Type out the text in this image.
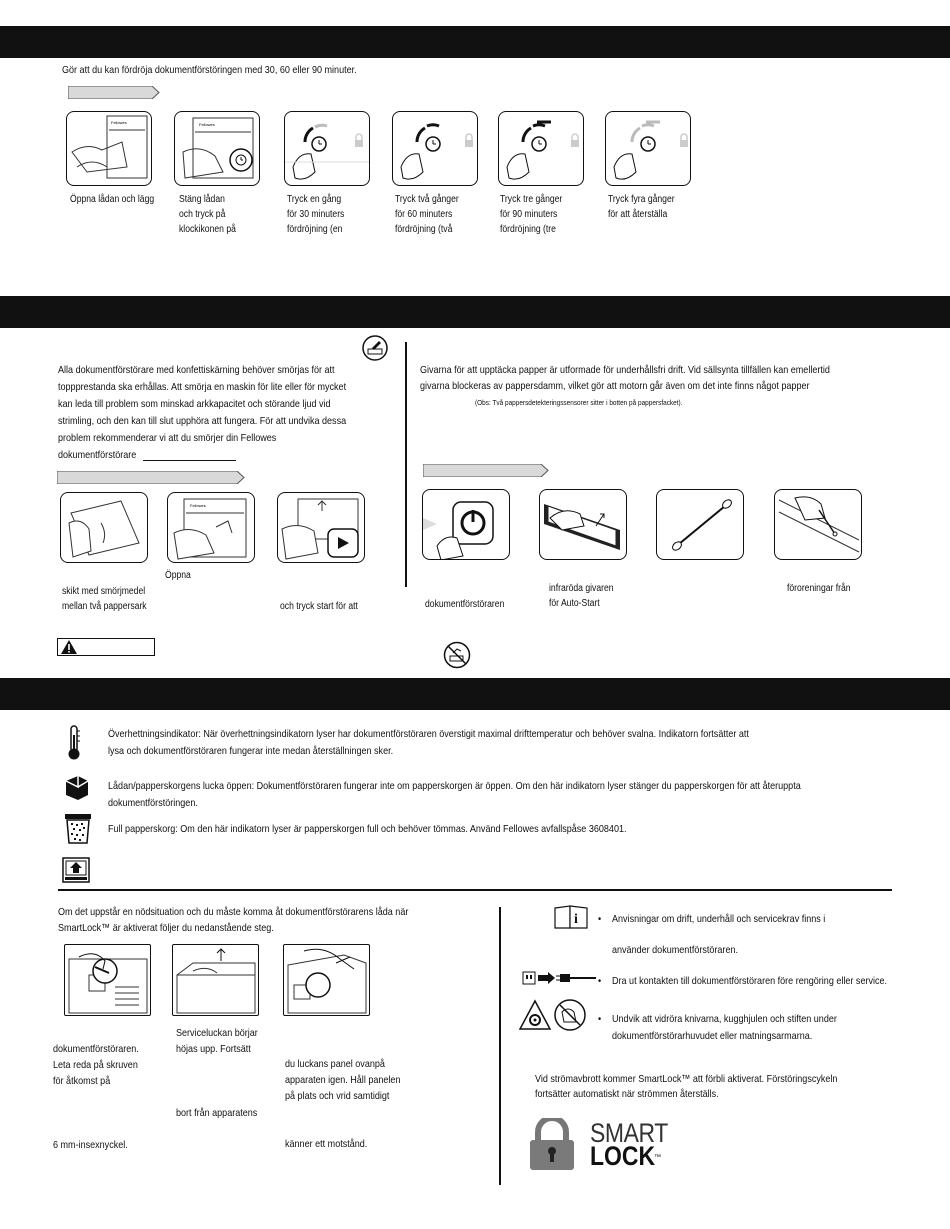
Gör att du kan fördröja dokumentförstöringen med 30, 60 eller 90 minuter.
Fellowes	Fellowes
Öppna lådan och lägg Stäng lådan
och tryck på
klockikonen på
Tryck en gång
för 30 minuters
fördröjning (en
Tryck två gånger
för 60 minuters
fördröjning (två
Tryck tre gånger
för 90 minuters
fördröjning (tre
Tryck fyra gånger
för att återställa
Alla dokumentförstörare med konfettiskärning behöver smörjas för att
toppprestanda ska erhållas. Att smörja en maskin för lite eller för mycket
kan leda till problem som minskad arkkapacitet och störande ljud vid
strimling, och den kan till slut upphöra att fungera. För att undvika dessa
problem rekommenderar vi att du smörjer din Fellowes
dokumentförstörare
Fellowes
Öppna
skikt med smörjmedel
mellan två pappersark	och tryck start för att
Givarna för att upptäcka papper är utformade för underhållsfri drift. Vid sällsynta tillfällen kan emellertid
givarna blockeras av pappersdamm, vilket gör att motorn går även om det inte finns något papper
(Obs: Två pappersdetekteringssensorer sitter i botten på pappersfacket).
infraröda givaren
för Auto-Start
föroreningar från
dokumentförstöraren
Överhettningsindikator: När överhettningsindikatorn lyser har dokumentförstöraren överstigit maximal drifttemperatur och behöver svalna. Indikatorn fortsätter att
lysa och dokumentförstöraren fungerar inte medan återställningen sker.
Lådan/papperskorgens lucka öppen: Dokumentförstöraren fungerar inte om papperskorgen är öppen. Om den här indikatorn lyser stänger du papperskorgen för att återuppta
dokumentförstöringen.
Full papperskorg: Om den här indikatorn lyser är papperskorgen full och behöver tömmas. Använd Fellowes avfallspåse 3608401.
Om det uppstår en nödsituation och du måste komma åt dokumentförstörarens låda när
SmartLock™ är aktiverat följer du nedanstående steg.
dokumentförstöraren.
Leta reda på skruven
för åtkomst på

6 mm-insexnyckel.
Serviceluckan börjar
höjas upp. Fortsätt

bort från apparatens
du luckans panel ovanpå
apparaten igen. Håll panelen
på plats och vrid samtidigt

känner ett motstånd.
i • Anvisningar om drift, underhåll och servicekrav finns i
använder dokumentförstöraren.
• Dra ut kontakten till dokumentförstöraren före rengöring eller service.
• Undvik att vidröra knivarna, kugghjulen och stiften under
dokumentförstörarhuvudet eller matningsarmarna.
Vid strömavbrott kommer SmartLock™ att förbli aktiverat. Förstöringscykeln
fortsätter automatiskt när strömmen återställs.
SMART
LOCK
™
